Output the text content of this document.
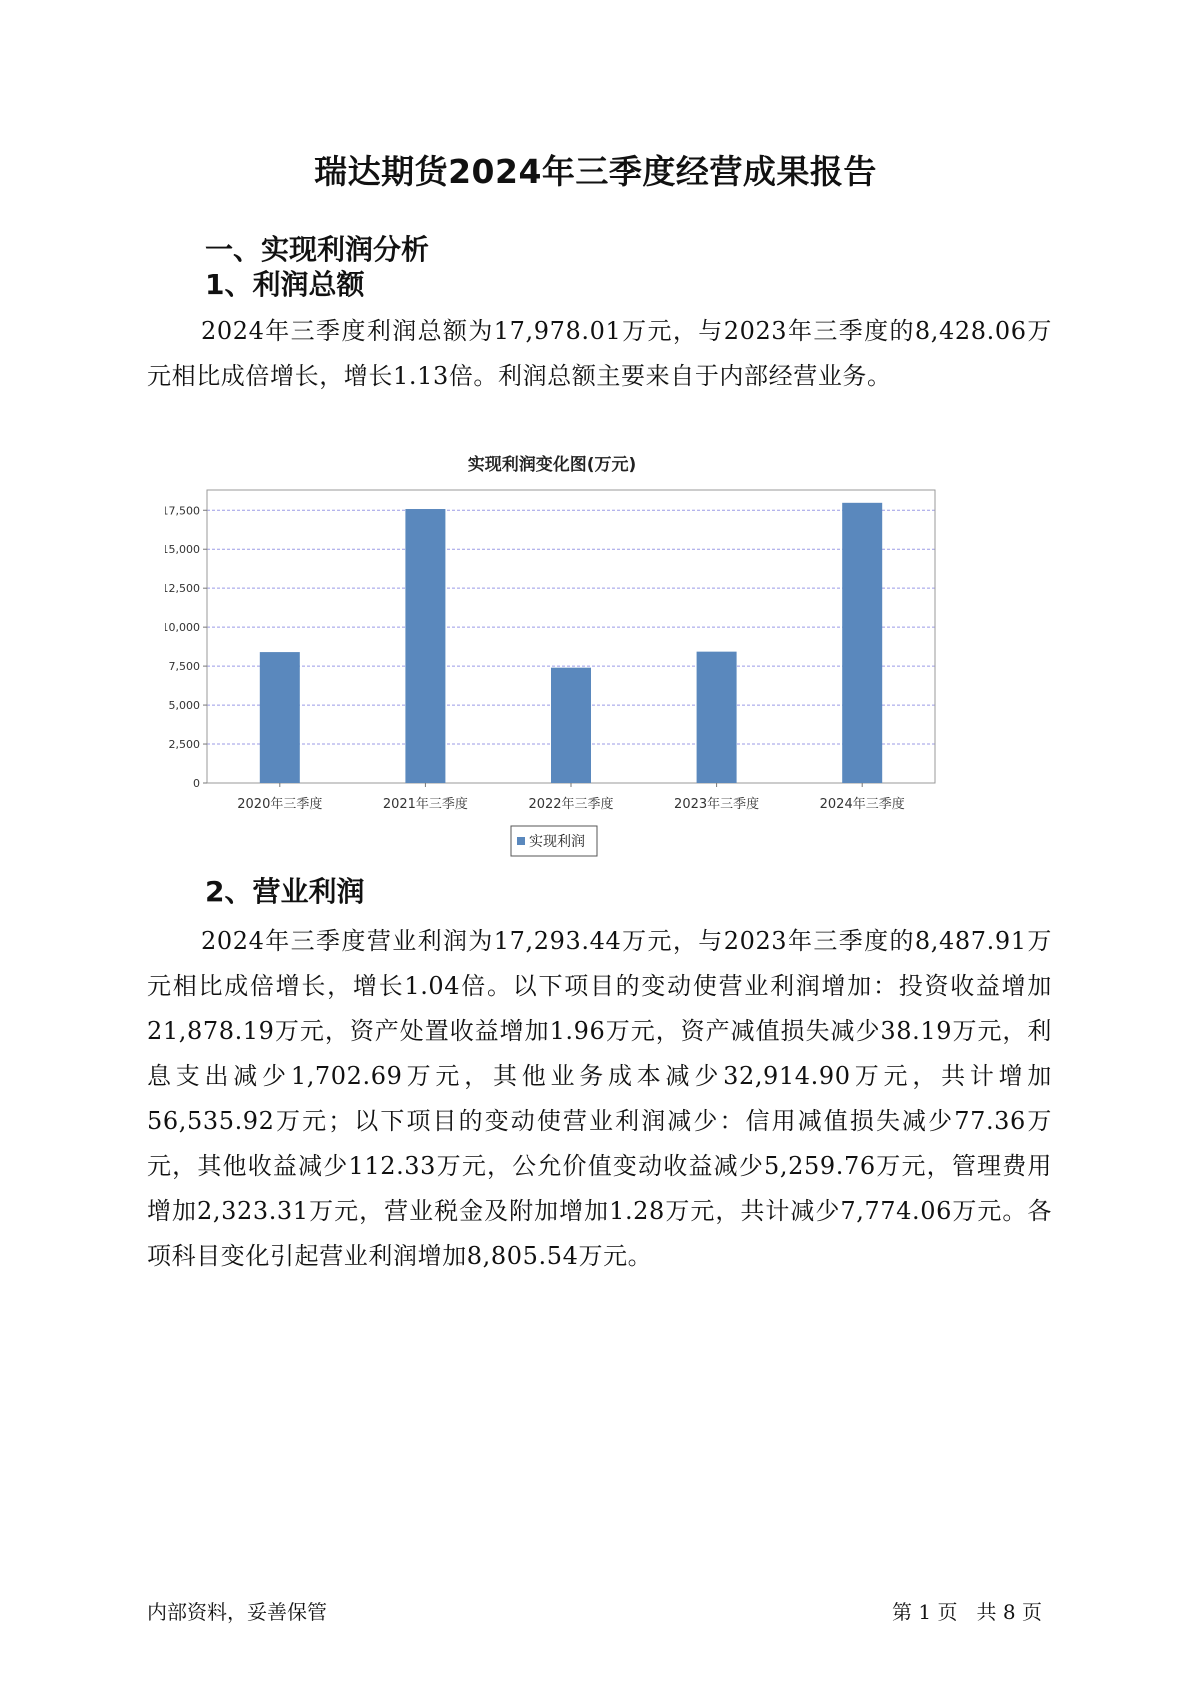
瑞达期货2024年三季度经营成果报告
一、实现利润分析
1、利润总额
2024年三季度利润总额为17,978.01万元，与2023年三季度的8,428.06万元相比成倍增长，增长1.13倍。利润总额主要来自于内部经营业务。
实现利润变化图(万元)
0
2,500
5,000
7,500
10,000
12,500
15,000
17,500
2020年三季度	2021年三季度	2022年三季度	2023年三季度	2024年三季度
实现利润
2、营业利润
2024年三季度营业利润为17,293.44万元，与2023年三季度的8,487.91万元相比成倍增长，增长1.04倍。以下项目的变动使营业利润增加：投资收益增加21,878.19万元，资产处置收益增加1.96万元，资产减值损失减少38.19万元，利息支出减少1,702.69万元，其他业务成本减少32,914.90万元，共计增加56,535.92万元；以下项目的变动使营业利润减少：信用减值损失减少77.36万元，其他收益减少112.33万元，公允价值变动收益减少5,259.76万元，管理费用增加2,323.31万元，营业税金及附加增加1.28万元，共计减少7,774.06万元。各项科目变化引起营业利润增加8,805.54万元。
内部资料，妥善保管	第 1 页   共 8 页
